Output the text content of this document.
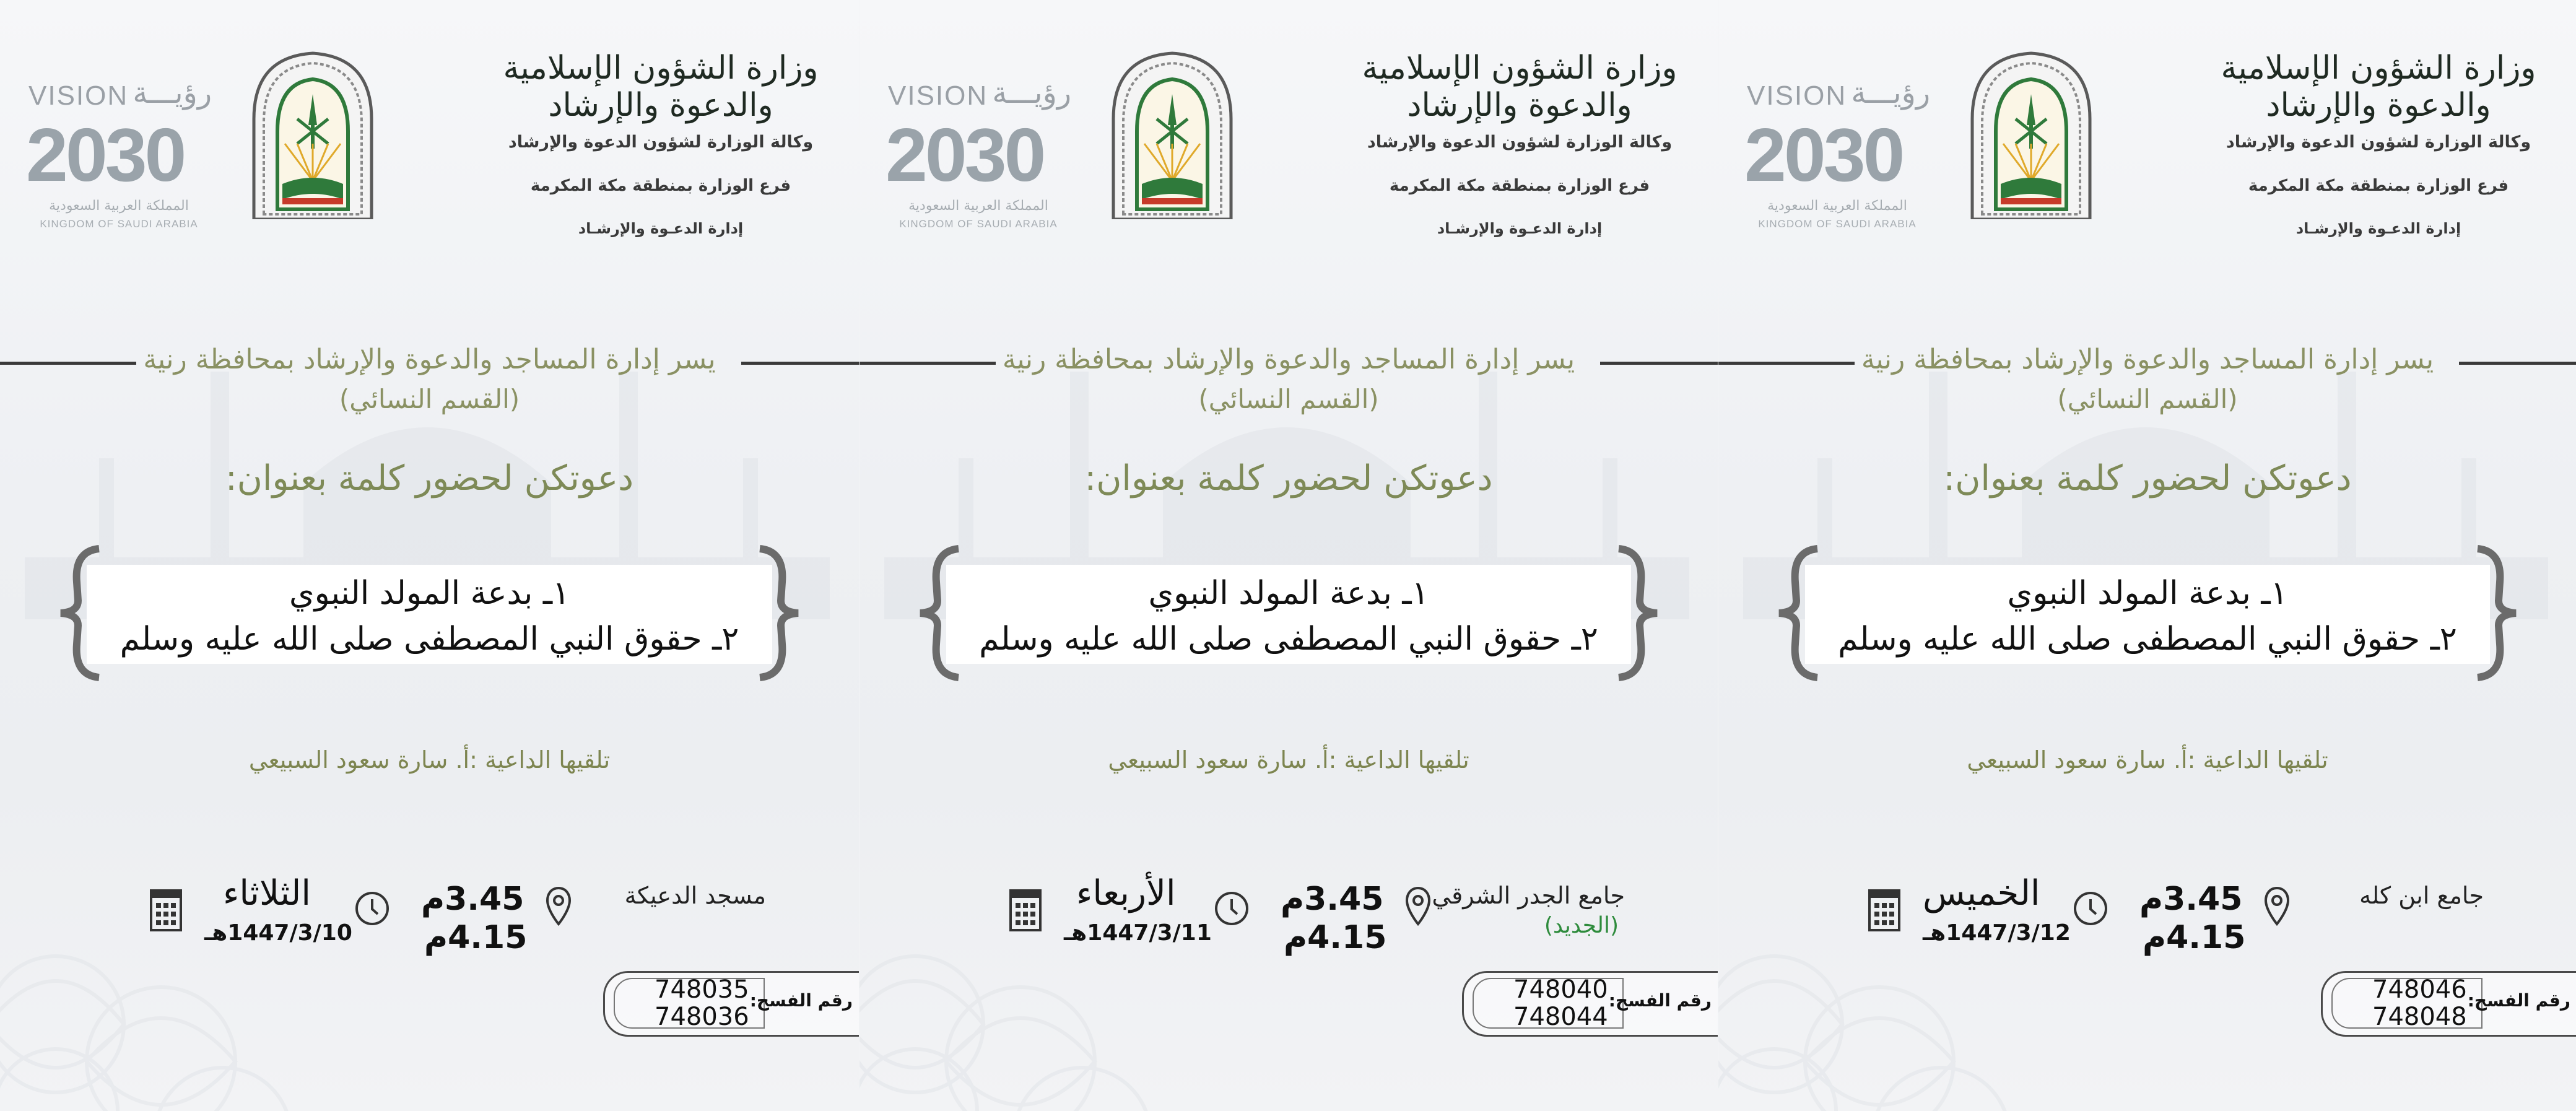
وزارة الشؤون الإسلامية والدعوة والإرشاد
وكالة الوزارة لشؤون الدعوة والإرشاد
فرع الوزارة بمنطقة مكة المكرمة
إدارة الدعـوة والإرشـاد
VISION رؤيـــة
2030
المملكة العربية السعودية
KINGDOM OF SAUDI ARABIA
يسر إدارة المساجد والدعوة والإرشاد بمحافظة رنية
(القسم النسائي)
دعوتكن لحضور كلمة بعنوان:
١ـ بدعة المولد النبوي
٢ـ حقوق النبي المصطفى صلى الله عليه وسلم
تلقيها الداعية :أ. سارة سعود السبيعي
مسجد الدعيكة
3.45م
4.15م
الثلاثاء
1447/3/10هـ
748035
748036
رقم الفسح:
وزارة الشؤون الإسلامية والدعوة والإرشاد
وكالة الوزارة لشؤون الدعوة والإرشاد
فرع الوزارة بمنطقة مكة المكرمة
إدارة الدعـوة والإرشـاد
VISION رؤيـــة
2030
المملكة العربية السعودية
KINGDOM OF SAUDI ARABIA
يسر إدارة المساجد والدعوة والإرشاد بمحافظة رنية
(القسم النسائي)
دعوتكن لحضور كلمة بعنوان:
١ـ بدعة المولد النبوي
٢ـ حقوق النبي المصطفى صلى الله عليه وسلم
تلقيها الداعية :أ. سارة سعود السبيعي
جامع الجدر الشرقي
(الجديد)
3.45م
4.15م
الأربعاء
1447/3/11هـ
748040
748044
رقم الفسح:
وزارة الشؤون الإسلامية والدعوة والإرشاد
وكالة الوزارة لشؤون الدعوة والإرشاد
فرع الوزارة بمنطقة مكة المكرمة
إدارة الدعـوة والإرشـاد
VISION رؤيـــة
2030
المملكة العربية السعودية
KINGDOM OF SAUDI ARABIA
يسر إدارة المساجد والدعوة والإرشاد بمحافظة رنية
(القسم النسائي)
دعوتكن لحضور كلمة بعنوان:
١ـ بدعة المولد النبوي
٢ـ حقوق النبي المصطفى صلى الله عليه وسلم
تلقيها الداعية :أ. سارة سعود السبيعي
جامع ابن كله
3.45م
4.15م
الخميس
1447/3/12هـ
748046
748048
رقم الفسح:
